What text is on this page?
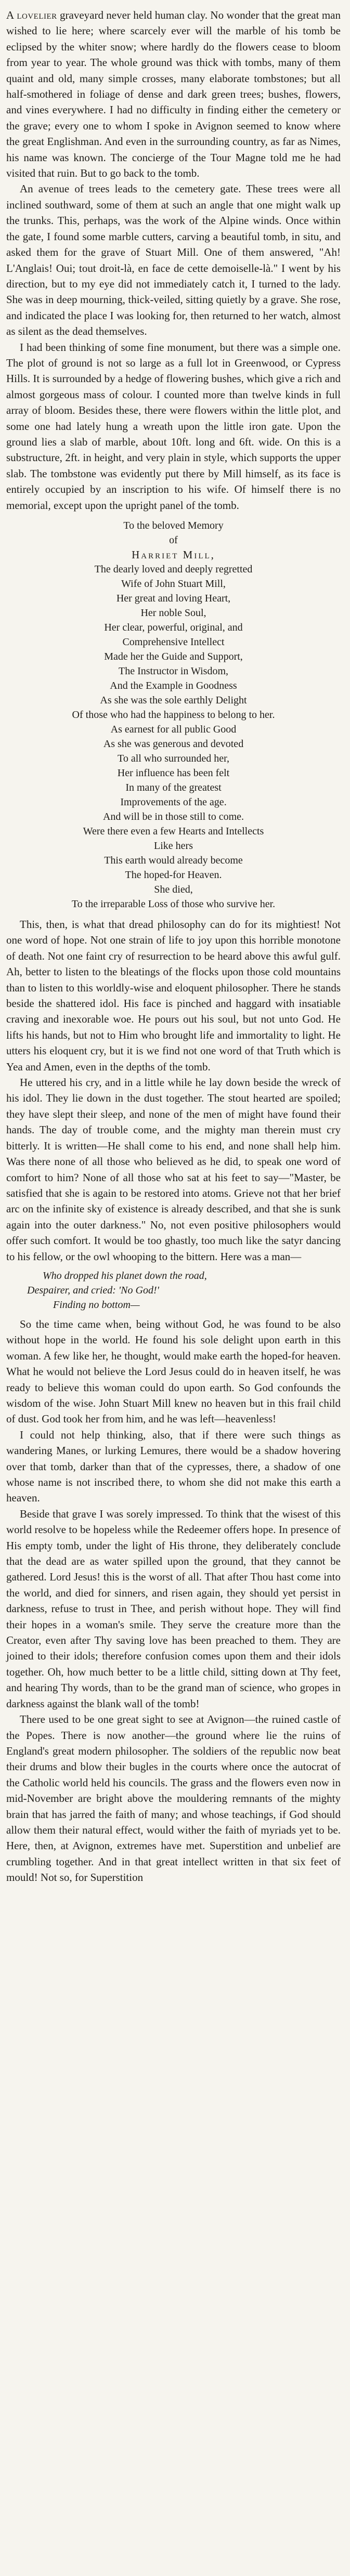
A lovelier graveyard never held human clay. No wonder that the great man wished to lie here; where scarcely ever will the marble of his tomb be eclipsed by the whiter snow; where hardly do the flowers cease to bloom from year to year. The whole ground was thick with tombs, many of them quaint and old, many simple crosses, many elaborate tombstones; but all half-smothered in foliage of dense and dark green trees; bushes, flowers, and vines everywhere. I had no difficulty in finding either the cemetery or the grave; every one to whom I spoke in Avignon seemed to know where the great Englishman. And even in the surrounding country, as far as Nimes, his name was known. The concierge of the Tour Magne told me he had visited that ruin. But to go back to the tomb.

An avenue of trees leads to the cemetery gate. These trees were all inclined southward, some of them at such an angle that one might walk up the trunks. This, perhaps, was the work of the Alpine winds. Once within the gate, I found some marble cutters, carving a beautiful tomb, in situ, and asked them for the grave of Stuart Mill. One of them answered, "Ah! L'Anglais! Oui; tout droit-là, en face de cette demoiselle-là." I went by his direction, but to my eye did not immediately catch it, I turned to the lady. She was in deep mourning, thick-veiled, sitting quietly by a grave. She rose, and indicated the place I was looking for, then returned to her watch, almost as silent as the dead themselves.

I had been thinking of some fine monument, but there was a simple one. The plot of ground is not so large as a full lot in Greenwood, or Cypress Hills. It is surrounded by a hedge of flowering bushes, which give a rich and almost gorgeous mass of colour. I counted more than twelve kinds in full array of bloom. Besides these, there were flowers within the little plot, and some one had lately hung a wreath upon the little iron gate. Upon the ground lies a slab of marble, about 10ft. long and 6ft. wide. On this is a substructure, 2ft. in height, and very plain in style, which supports the upper slab. The tombstone was evidently put there by Mill himself, as its face is entirely occupied by an inscription to his wife. Of himself there is no memorial, except upon the upright panel of the tomb.

To the beloved Memory
of
Harriet Mill,
The dearly loved and deeply regretted
Wife of John Stuart Mill,
Her great and loving Heart,
Her noble Soul,
Her clear, powerful, original, and
Comprehensive Intellect
Made her the Guide and Support,
The Instructor in Wisdom,
And the Example in Goodness
As she was the sole earthly Delight
Of those who had the happiness to belong to her.
As earnest for all public Good
As she was generous and devoted
To all who surrounded her,
Her influence has been felt
In many of the greatest
Improvements of the age.
And will be in those still to come.
Were there even a few Hearts and Intellects
Like hers
This earth would already become
The hoped-for Heaven.
She died,
To the irreparable Loss of those who survive her.

This, then, is what that dread philosophy can do for its mightiest! Not one word of hope. Not one strain of life to joy upon this horrible monotone of death. Not one faint cry of resurrection to be heard above this awful gulf. Ah, better to listen to the bleatings of the flocks upon those cold mountains than to listen to this worldly-wise and eloquent philosopher. There he stands beside the shattered idol. His face is pinched and haggard with insatiable craving and inexorable woe. He pours out his soul, but not unto God. He lifts his hands, but not to Him who brought life and immortality to light. He utters his eloquent cry, but it is we find not one word of that Truth which is Yea and Amen, even in the depths of the tomb.

He uttered his cry, and in a little while he lay down beside the wreck of his idol. They lie down in the dust together. The stout hearted are spoiled; they have slept their sleep, and none of the men of might have found their hands. The day of trouble come, and the mighty man therein must cry bitterly. It is written—He shall come to his end, and none shall help him. Was there none of all those who believed as he did, to speak one word of comfort to him? None of all those who sat at his feet to say—"Master, be satisfied that she is again to be restored into atoms. Grieve not that her brief arc on the infinite sky of existence is already described, and that she is sunk again into the outer darkness." No, not even positive philosophers would offer such comfort. It would be too ghastly, too much like the satyr dancing to his fellow, or the owl whooping to the bittern. Here was a man—

Who dropped his planet down the road,
Despairer, and cried: 'No God!'
Finding no bottom—

So the time came when, being without God, he was found to be also without hope in the world. He found his sole delight upon earth in this woman. A few like her, he thought, would make earth the hoped-for heaven. What he would not believe the Lord Jesus could do in heaven itself, he was ready to believe this woman could do upon earth. So God confounds the wisdom of the wise. John Stuart Mill knew no heaven but in this frail child of dust. God took her from him, and he was left—heavenless!

I could not help thinking, also, that if there were such things as wandering Manes, or lurking Lemures, there would be a shadow hovering over that tomb, darker than that of the cypresses, there, a shadow of one whose name is not inscribed there, to whom she did not make this earth a heaven.

Beside that grave I was sorely impressed. To think that the wisest of this world resolve to be hopeless while the Redeemer offers hope. In presence of His empty tomb, under the light of His throne, they deliberately conclude that the dead are as water spilled upon the ground, that they cannot be gathered. Lord Jesus! this is the worst of all. That after Thou hast come into the world, and died for sinners, and risen again, they should yet persist in darkness, refuse to trust in Thee, and perish without hope. They will find their hopes in a woman's smile. They serve the creature more than the Creator, even after Thy saving love has been preached to them. They are joined to their idols; therefore confusion comes upon them and their idols together. Oh, how much better to be a little child, sitting down at Thy feet, and hearing Thy words, than to be the grand man of science, who gropes in darkness against the blank wall of the tomb!

There used to be one great sight to see at Avignon—the ruined castle of the Popes. There is now another—the ground where lie the ruins of England's great modern philosopher. The soldiers of the republic now beat their drums and blow their bugles in the courts where once the autocrat of the Catholic world held his councils. The grass and the flowers even now in mid-November are bright above the mouldering remnants of the mighty brain that has jarred the faith of many; and whose teachings, if God should allow them their natural effect, would wither the faith of myriads yet to be. Here, then, at Avignon, extremes have met. Superstition and unbelief are crumbling together. And in that great intellect written in that six feet of mould! Not so, for Superstition
